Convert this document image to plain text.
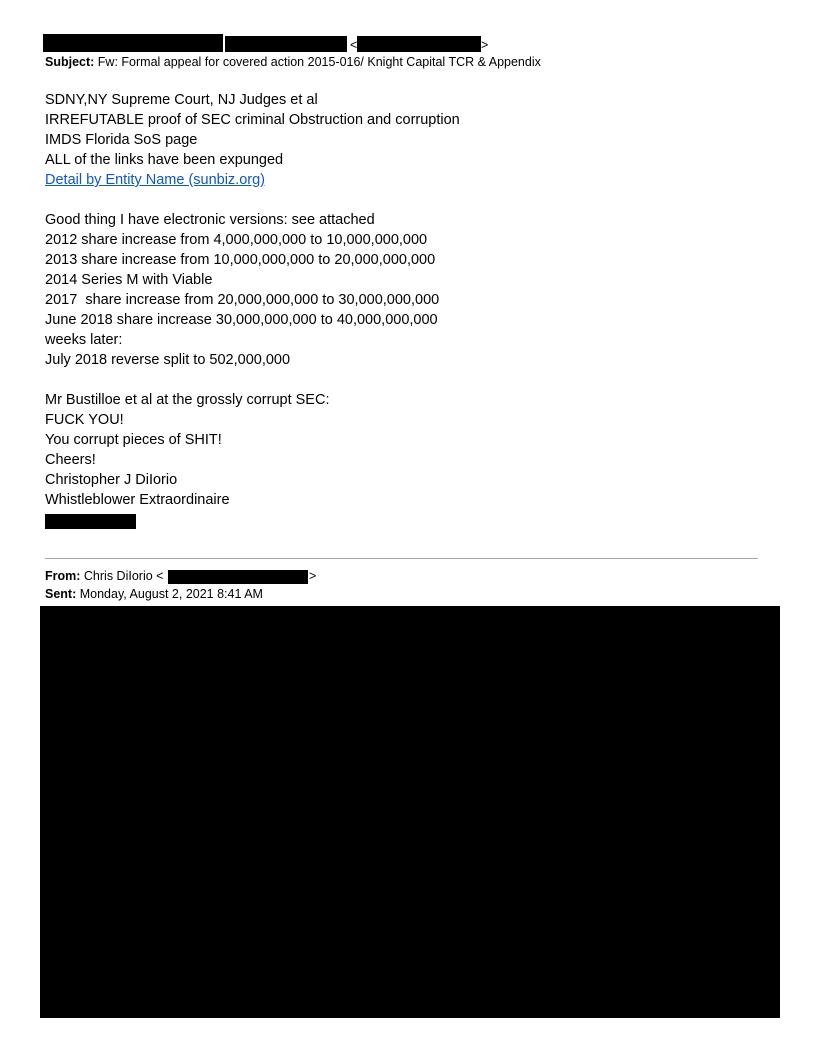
<	>
Subject: Fw: Formal appeal for covered action 2015-016/ Knight Capital TCR & Appendix
SDNY,NY Supreme Court, NJ Judges et al
IRREFUTABLE proof of SEC criminal Obstruction and corruption
IMDS Florida SoS page
ALL of the links have been expunged
Detail by Entity Name (sunbiz.org)
Good thing I have electronic versions: see attached
2012 share increase from 4,000,000,000 to 10,000,000,000
2013 share increase from 10,000,000,000 to 20,000,000,000
2014 Series M with Viable
2017  share increase from 20,000,000,000 to 30,000,000,000
June 2018 share increase 30,000,000,000 to 40,000,000,000
weeks later:
July 2018 reverse split to 502,000,000
Mr Bustilloe et al at the grossly corrupt SEC:
FUCK YOU!
You corrupt pieces of SHIT!
Cheers!
Christopher J DiIorio
Whistleblower Extraordinaire
From: Chris DiIorio <	>
Sent: Monday, August 2, 2021 8:41 AM
